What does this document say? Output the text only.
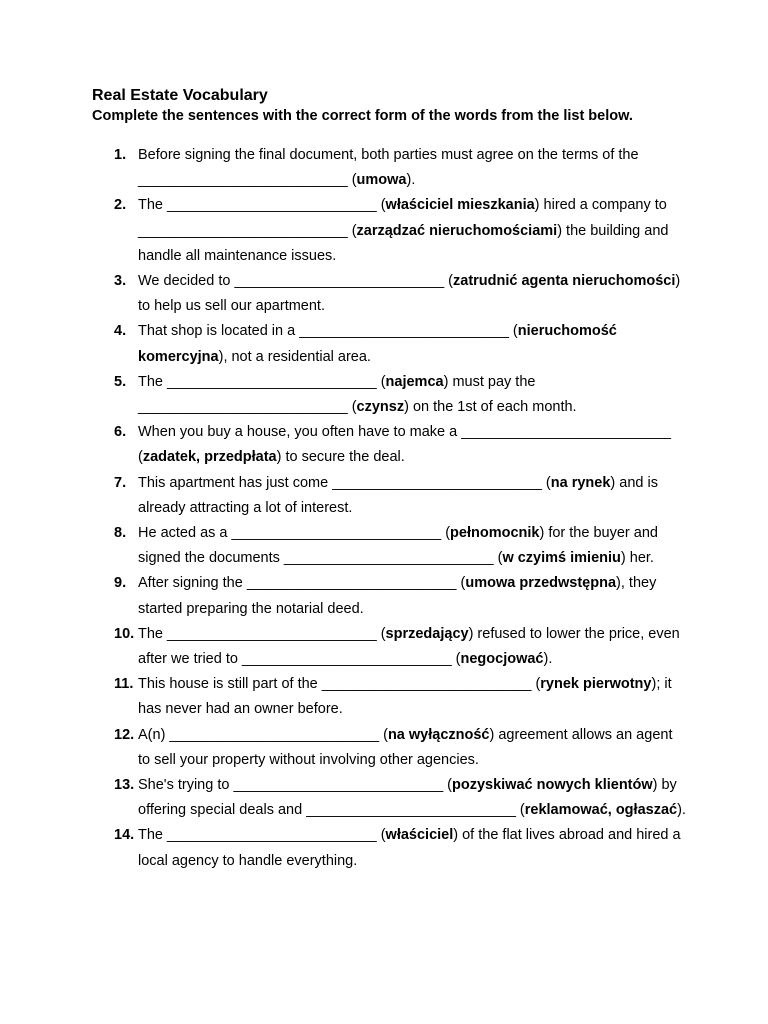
Real Estate Vocabulary

Complete the sentences with the correct form of the words from the list below.

1. Before signing the final document, both parties must agree on the terms of the __________________________ (umowa).
2. The __________________________ (właściciel mieszkania) hired a company to __________________________ (zarządzać nieruchomościami) the building and handle all maintenance issues.
3. We decided to __________________________ (zatrudnić agenta nieruchomości) to help us sell our apartment.
4. That shop is located in a __________________________ (nieruchomość komercyjna), not a residential area.
5. The __________________________ (najemca) must pay the __________________________ (czynsz) on the 1st of each month.
6. When you buy a house, you often have to make a __________________________ (zadatek, przedpłata) to secure the deal.
7. This apartment has just come __________________________ (na rynek) and is already attracting a lot of interest.
8. He acted as a __________________________ (pełnomocnik) for the buyer and signed the documents __________________________ (w czyimś imieniu) her.
9. After signing the __________________________ (umowa przedwstępna), they started preparing the notarial deed.
10. The __________________________ (sprzedający) refused to lower the price, even after we tried to __________________________ (negocjować).
11. This house is still part of the __________________________ (rynek pierwotny); it has never had an owner before.
12. A(n) __________________________ (na wyłączność) agreement allows an agent to sell your property without involving other agencies.
13. She's trying to __________________________ (pozyskiwać nowych klientów) by offering special deals and __________________________ (reklamować, ogłaszać).
14. The __________________________ (właściciel) of the flat lives abroad and hired a local agency to handle everything.
